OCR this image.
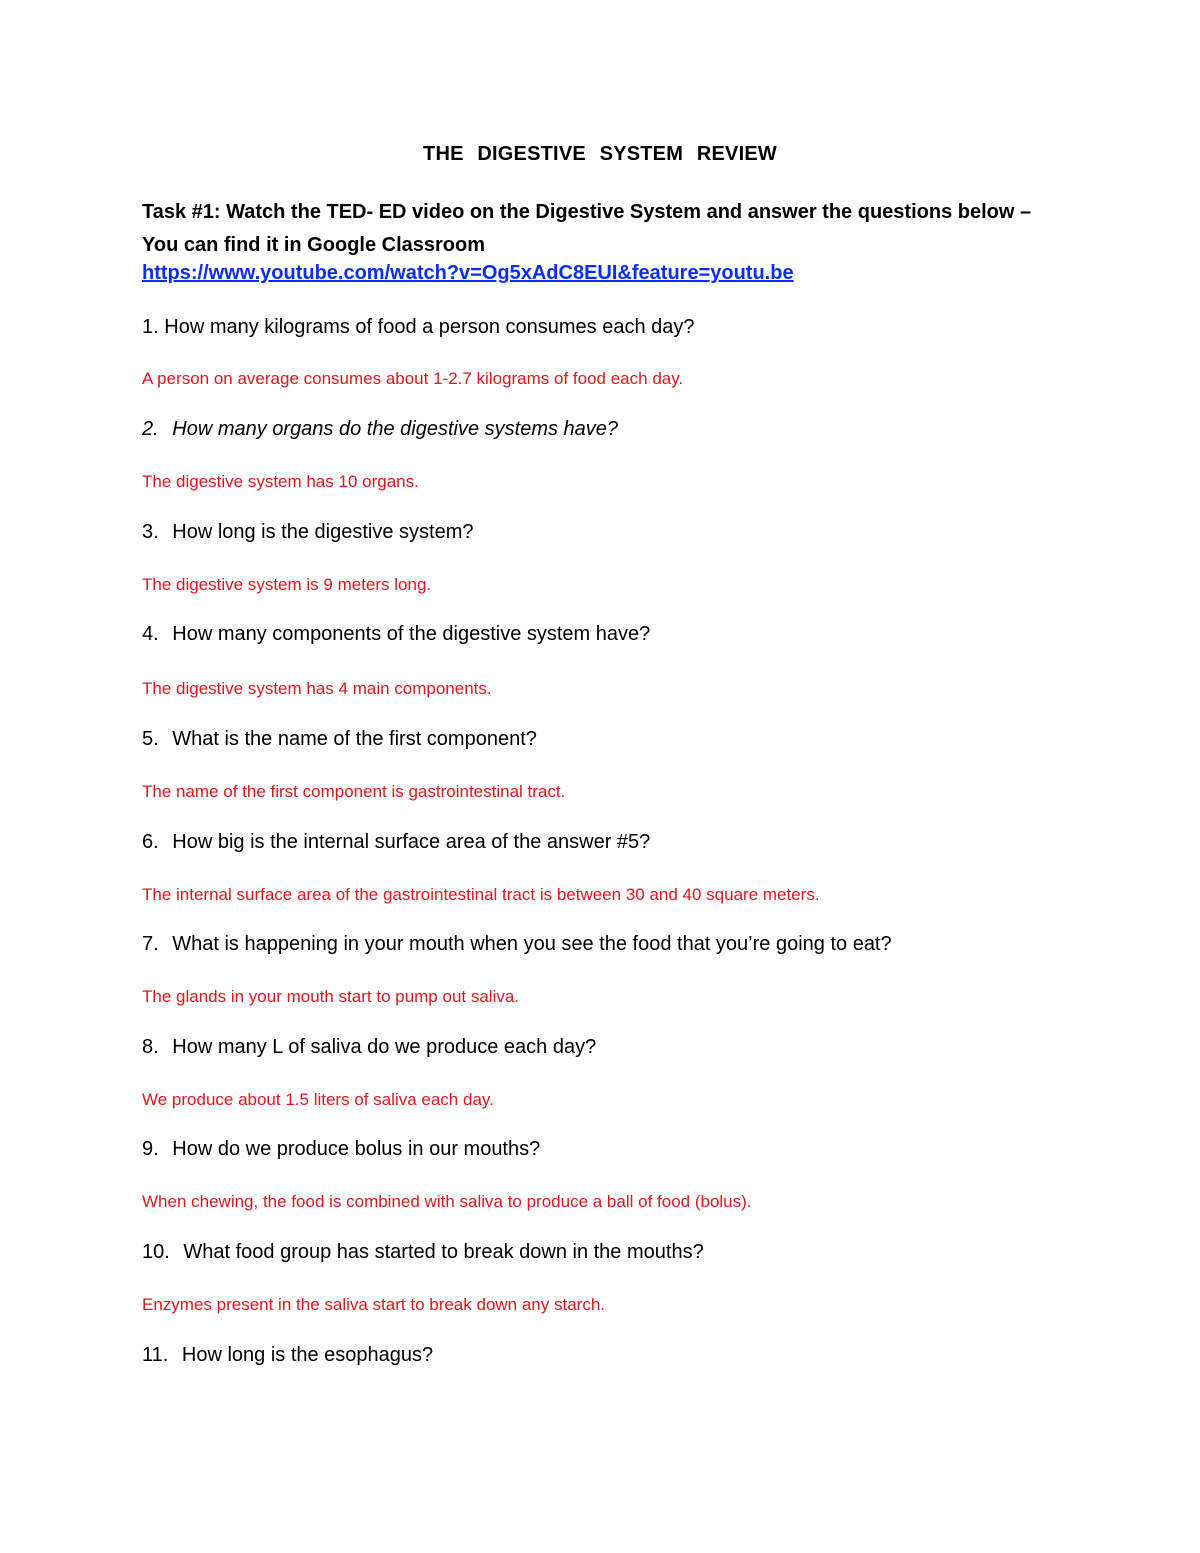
THE DIGESTIVE SYSTEM REVIEW
Task #1: Watch the TED- ED video on the Digestive System and answer the questions below –
You can find it in Google Classroom
https://www.youtube.com/watch?v=Og5xAdC8EUI&feature=youtu.be
1. How many kilograms of food a person consumes each day?
A person on average consumes about 1-2.7 kilograms of food each day.
2. How many organs do the digestive systems have?
The digestive system has 10 organs.
3. How long is the digestive system?
The digestive system is 9 meters long.
4. How many components of the digestive system have?
The digestive system has 4 main components.
5. What is the name of the first component?
The name of the first component is gastrointestinal tract.
6. How big is the internal surface area of the answer #5?
The internal surface area of the gastrointestinal tract is between 30 and 40 square meters.
7. What is happening in your mouth when you see the food that you’re going to eat?
The glands in your mouth start to pump out saliva.
8. How many L of saliva do we produce each day?
We produce about 1.5 liters of saliva each day.
9. How do we produce bolus in our mouths?
When chewing, the food is combined with saliva to produce a ball of food (bolus).
10. What food group has started to break down in the mouths?
Enzymes present in the saliva start to break down any starch.
11. How long is the esophagus?
